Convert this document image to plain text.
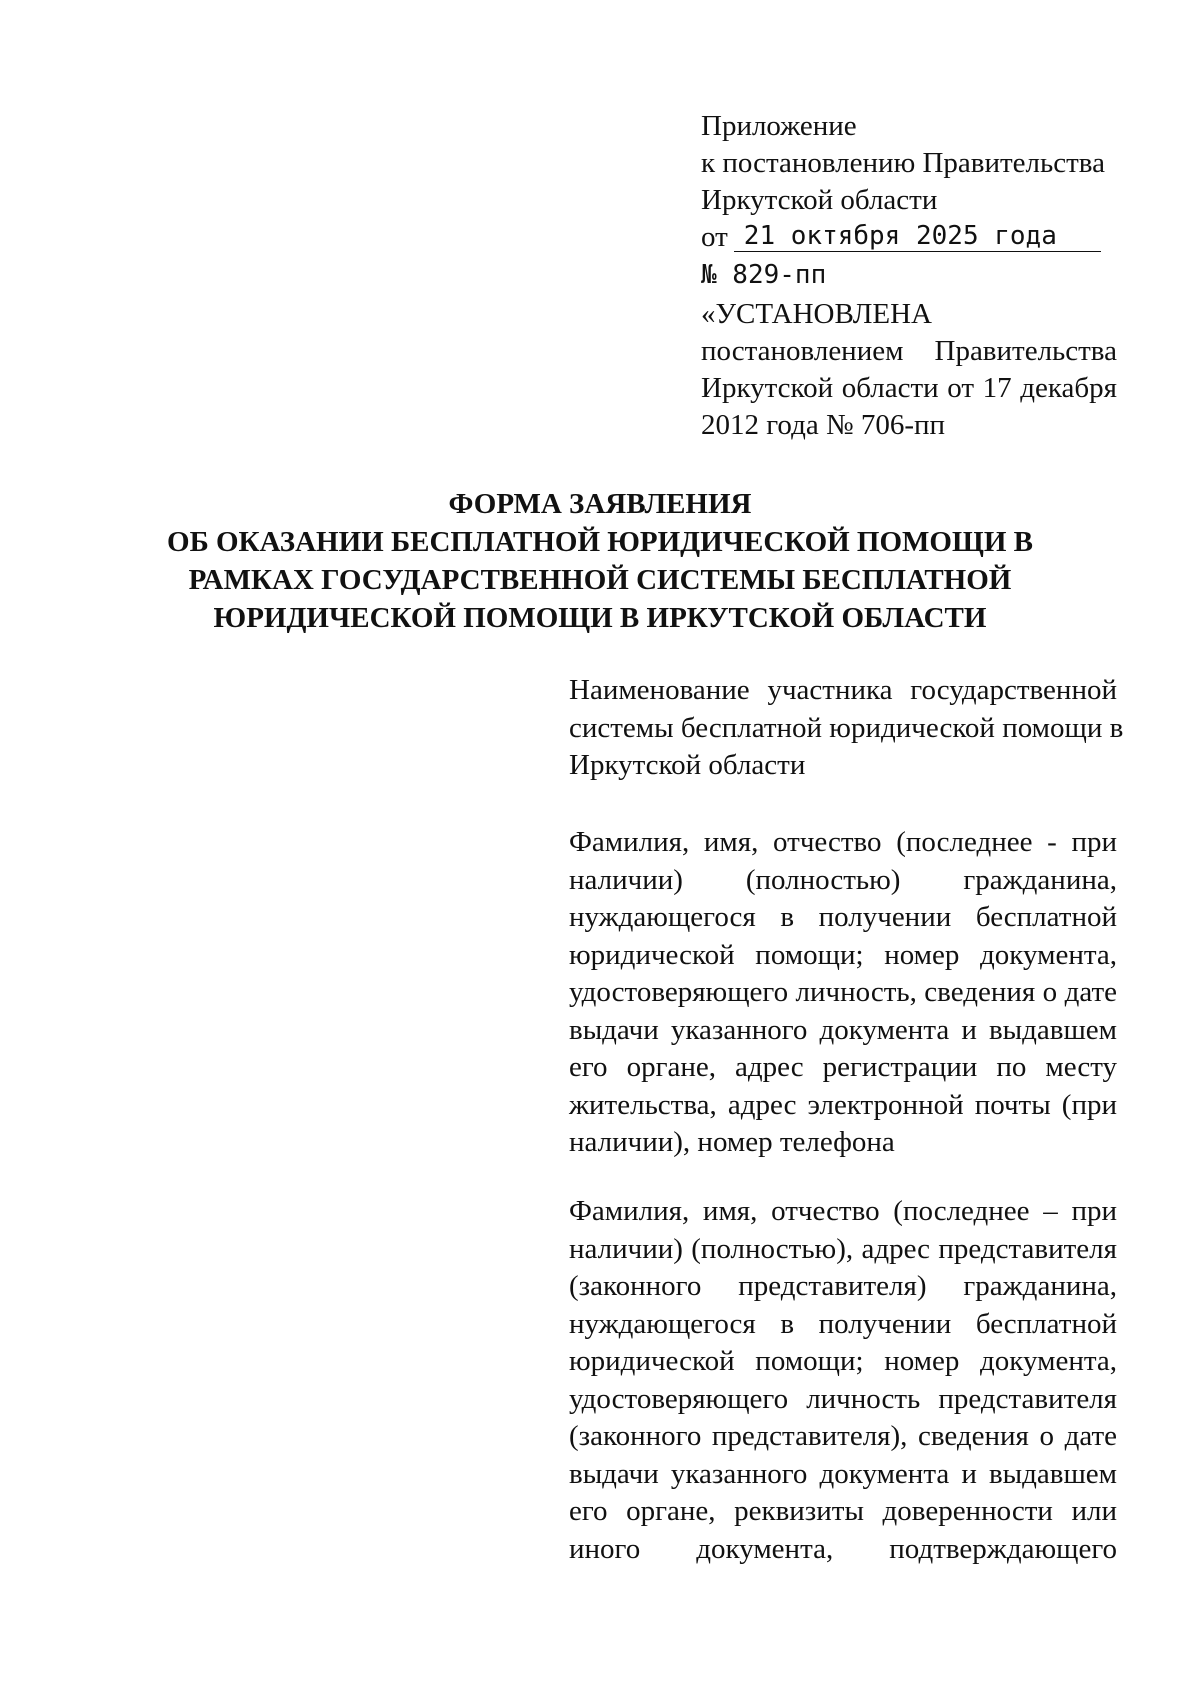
Приложение
к постановлению Правительства
Иркутской области
от 21 октября 2025 года
№ 829-пп
«УСТАНОВЛЕНА
постановлением Правительства
Иркутской области от 17 декабря
2012 года № 706-пп
ФОРМА ЗАЯВЛЕНИЯ
ОБ ОКАЗАНИИ БЕСПЛАТНОЙ ЮРИДИЧЕСКОЙ ПОМОЩИ В
РАМКАХ ГОСУДАРСТВЕННОЙ СИСТЕМЫ БЕСПЛАТНОЙ
ЮРИДИЧЕСКОЙ ПОМОЩИ В ИРКУТСКОЙ ОБЛАСТИ
Наименование участника государственной
системы бесплатной юридической помощи в
Иркутской области
Фамилия, имя, отчество (последнее - при
наличии) (полностью) гражданина,
нуждающегося в получении бесплатной
юридической помощи; номер документа,
удостоверяющего личность, сведения о дате
выдачи указанного документа и выдавшем
его органе, адрес регистрации по месту
жительства, адрес электронной почты (при
наличии), номер телефона
Фамилия, имя, отчество (последнее – при
наличии) (полностью), адрес представителя
(законного представителя) гражданина,
нуждающегося в получении бесплатной
юридической помощи; номер документа,
удостоверяющего личность представителя
(законного представителя), сведения о дате
выдачи указанного документа и выдавшем
его органе, реквизиты доверенности или
иного документа, подтверждающего
